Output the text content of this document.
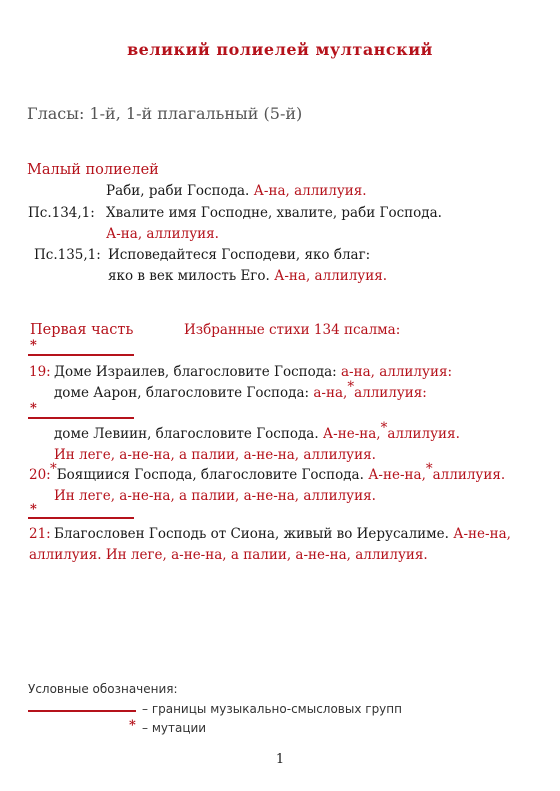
великий полиелей мултанский
Гласы: 1-й, 1-й плагальный (5-й)
Малый полиелей
Раби, раби Господа. А-на, аллилуия.
Пс.134,1: Хвалите имя Господне, хвалите, раби Господа.
А-на, аллилуия.
Пс.135,1: Исповедайтеся Господеви, яко благ:
яко в век милость Его. А-на, аллилуия.
Первая часть	Избранные стихи 134 псалма:
*
19: Доме Израилев, благословите Господа: а-на, аллилуия:
доме Аарон, благословите Господа: а-на,*аллилуия:
*
доме Левиин, благословите Господа. А-не-на,*аллилуия.
Ин леге, а-не-на, а палии, а-не-на, аллилуия.
20: *Боящиися Господа, благословите Господа. А-не-на,*аллилуия.
Ин леге, а-не-на, а палии, а-не-на, аллилуия.
*
21: Благословен Господь от Сиона, живый во Иерусалиме. А-не-на,
аллилуия. Ин леге, а-не-на, а палии, а-не-на, аллилуия.
Условные обозначения:
– границы музыкально-смысловых групп
* – мутации
1
